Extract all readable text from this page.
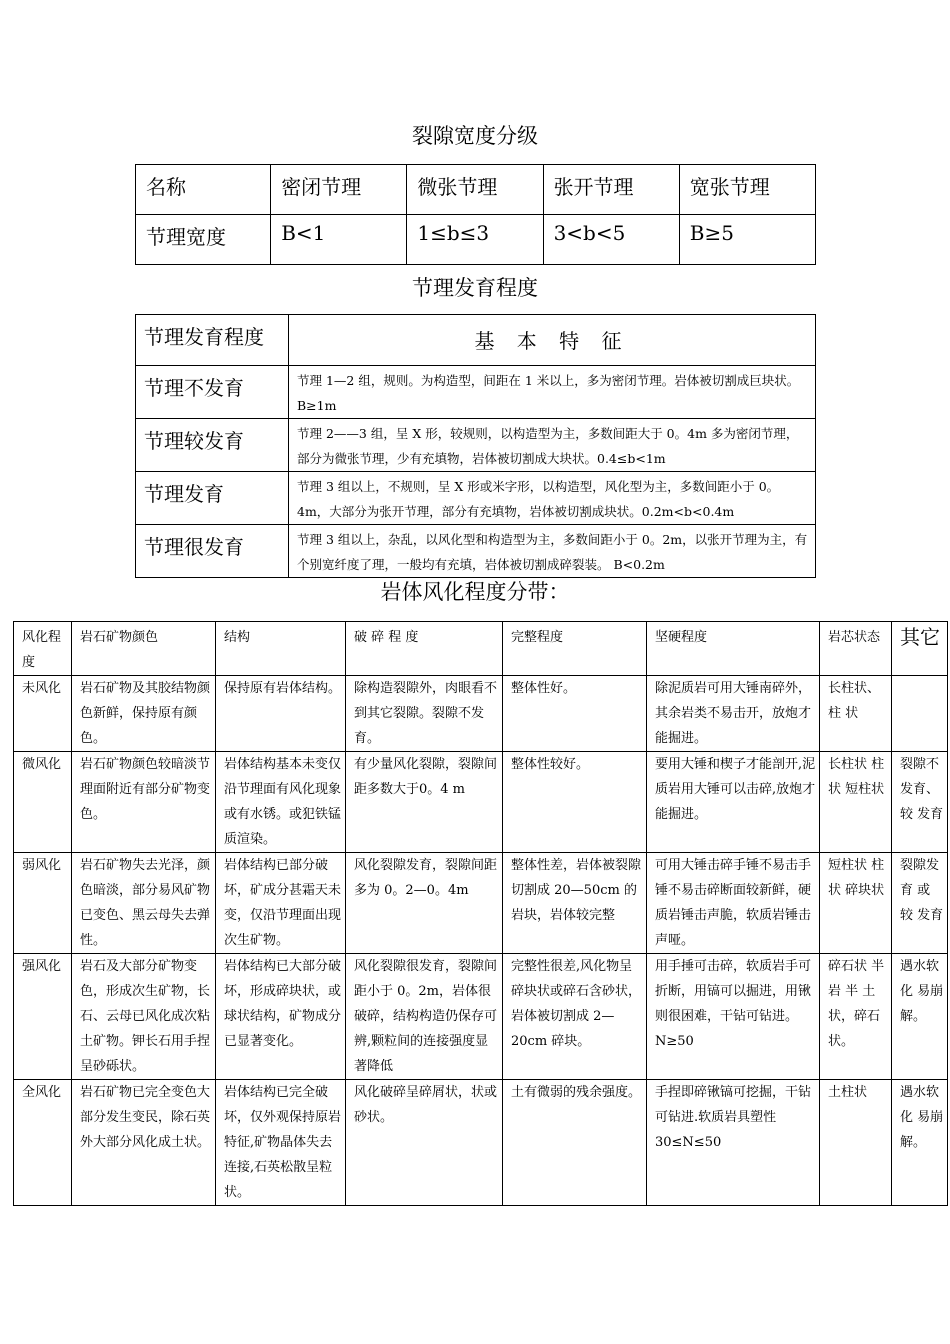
裂隙宽度分级
名称	密闭节理	微张节理	张开节理	宽张节理
节理宽度	B<1	1≤b≤3	3<b<5	B≥5
节理发育程度
节理发育程度	基 本 特 征
节理不发育	节理 1—2 组，规则。为构造型，间距在 1 米以上，多为密闭节理。岩体被切割成巨块状。B≥1m
节理较发育	节理 2——3 组，呈 X 形，较规则，以构造型为主，多数间距大于 0。4m 多为密闭节理，部分为微张节理，少有充填物，岩体被切割成大块状。0.4≤b<1m
节理发育	节理 3 组以上，不规则，呈 X 形或米字形，以构造型，风化型为主，多数间距小于 0。4m，大部分为张开节理，部分有充填物，岩体被切割成块状。0.2m<b<0.4m
节理很发育	节理 3 组以上，杂乱，以风化型和构造型为主，多数间距小于 0。2m，以张开节理为主，有个别宽纤度了理，一般均有充填，岩体被切割成碎裂装。 B<0.2m
岩体风化程度分带：
风化程度	岩石矿物颜色	结构	破 碎 程 度	完整程度	坚硬程度	岩芯状态	其它
未风化	岩石矿物及其胶结物颜色新鲜，保持原有颜色。	保持原有岩体结构。	除构造裂隙外，肉眼看不到其它裂隙。裂隙不发育。	整体性好。	除泥质岩可用大锤南碎外，其余岩类不易击开，放炮才能掘进。	长柱状、柱 状	
微风化	岩石矿物颜色较暗淡节理面附近有部分矿物变色。	岩体结构基本未变仅沿节理面有风化现象或有水锈。或犯铁锰质渲染。	有少量风化裂隙，裂隙间距多数大于0。4 m	整体性较好。	要用大锤和楔子才能剖开,泥质岩用大锤可以击碎,放炮才能掘进。	长柱状 柱状 短柱状	裂隙不发育、较 发育
弱风化	岩石矿物失去光泽，颜色暗淡，部分易风矿物已变色、黑云母失去弹性。	岩体结构已部分破坏，矿成分甚霜天未变，仅沿节理面出现次生矿物。	风化裂隙发育，裂隙间距多为 0。2—0。4m	整体性差，岩体被裂隙切割成 20—50cm 的岩块，岩体较完整	可用大锤击碎手锤不易击手锤不易击碎断面较新鲜，硬质岩锤击声脆，软质岩锤击声哑。	短柱状 柱状 碎块状	裂隙发育 或 较 发育
强风化	岩石及大部分矿物变色，形成次生矿物，长石、云母已风化成次粘土矿物。钾长石用手捏呈砂砾状。	岩体结构已大部分破坏，形成碎块状，或球状结构，矿物成分已显著变化。	风化裂隙很发育，裂隙间距小于 0。2m，岩体很破碎，结构构造仍保存可辨,颗粒间的连接强度显著降低	完整性很差,风化物呈碎块状或碎石含砂状，岩体被切割成 2—20cm 碎块。	用手捶可击碎，软质岩手可折断，用镐可以掘进，用锹则很困难，干钻可钻进。 N≥50	碎石状 半 岩 半 土状，碎石状。	遇水软化 易崩解。
全风化	岩石矿物已完全变色大部分发生变民，除石英外大部分风化成土状。	岩体结构已完全破坏，仅外观保持原岩特征,矿物晶体失去连接,石英松散呈粒状。	风化破碎呈碎屑状，状或砂状。	土有微弱的残余强度。	手捏即碎锹镐可挖掘，干钻可钻进.软质岩具塑性 30≤N≤50	土柱状	遇水软化 易崩解。
